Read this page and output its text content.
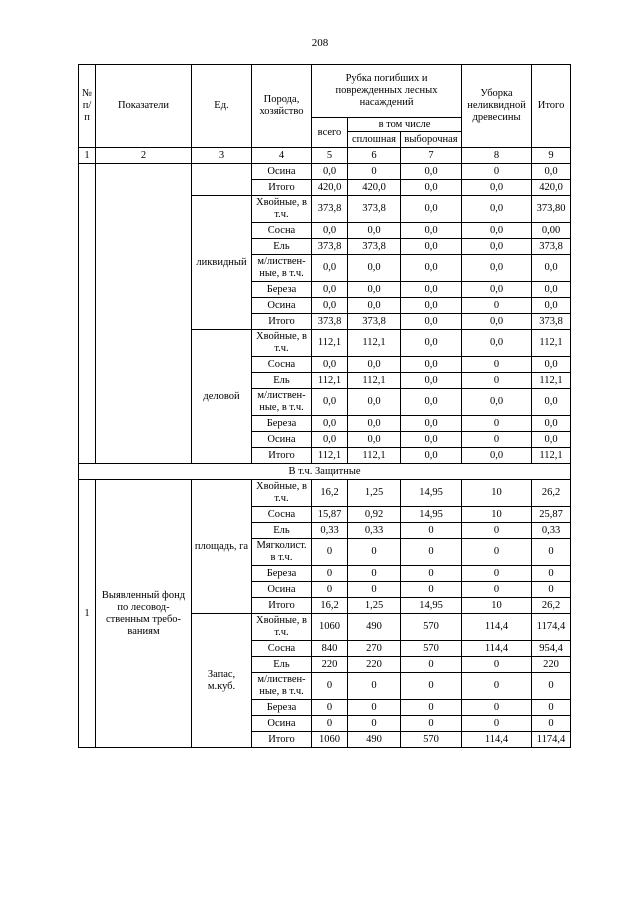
208
№ п/п	Показатели	Ед.	Порода, хозяйство	Рубка погибших и поврежденных лесных насаждений			Уборка неликвидной древесины	Итого
				всего	в том числе			
					сплошная	выборочная		
1	2	3	4	5	6	7	8	9
			Осина	0,0	0	0,0	0	0,0
			Итого	420,0	420,0	0,0	0,0	420,0
		ликвидный	Хвойные, в т.ч.	373,8	373,8	0,0	0,0	373,80
			Сосна	0,0	0,0	0,0	0,0	0,00
			Ель	373,8	373,8	0,0	0,0	373,8
			м/листвен-ные, в т.ч.	0,0	0,0	0,0	0,0	0,0
			Береза	0,0	0,0	0,0	0,0	0,0
			Осина	0,0	0,0	0,0	0	0,0
			Итого	373,8	373,8	0,0	0,0	373,8
		деловой	Хвойные, в т.ч.	112,1	112,1	0,0	0,0	112,1
			Сосна	0,0	0,0	0,0	0	0,0
			Ель	112,1	112,1	0,0	0	112,1
			м/листвен-ные, в т.ч.	0,0	0,0	0,0	0,0	0,0
			Береза	0,0	0,0	0,0	0	0,0
			Осина	0,0	0,0	0,0	0	0,0
			Итого	112,1	112,1	0,0	0,0	112,1
В т.ч. Защитные								
1	Выявленный фонд по лесовод-ственным требо-ваниям	площадь, га	Хвойные, в т.ч.	16,2	1,25	14,95	10	26,2
			Сосна	15,87	0,92	14,95	10	25,87
			Ель	0,33	0,33	0	0	0,33
			Мягколист. в т.ч.	0	0	0	0	0
			Береза	0	0	0	0	0
			Осина	0	0	0	0	0
			Итого	16,2	1,25	14,95	10	26,2
		Запас, м.куб.	Хвойные, в т.ч.	1060	490	570	114,4	1174,4
			Сосна	840	270	570	114,4	954,4
			Ель	220	220	0	0	220
			м/листвен-ные, в т.ч.	0	0	0	0	0
			Береза	0	0	0	0	0
			Осина	0	0	0	0	0
			Итого	1060	490	570	114,4	1174,4
